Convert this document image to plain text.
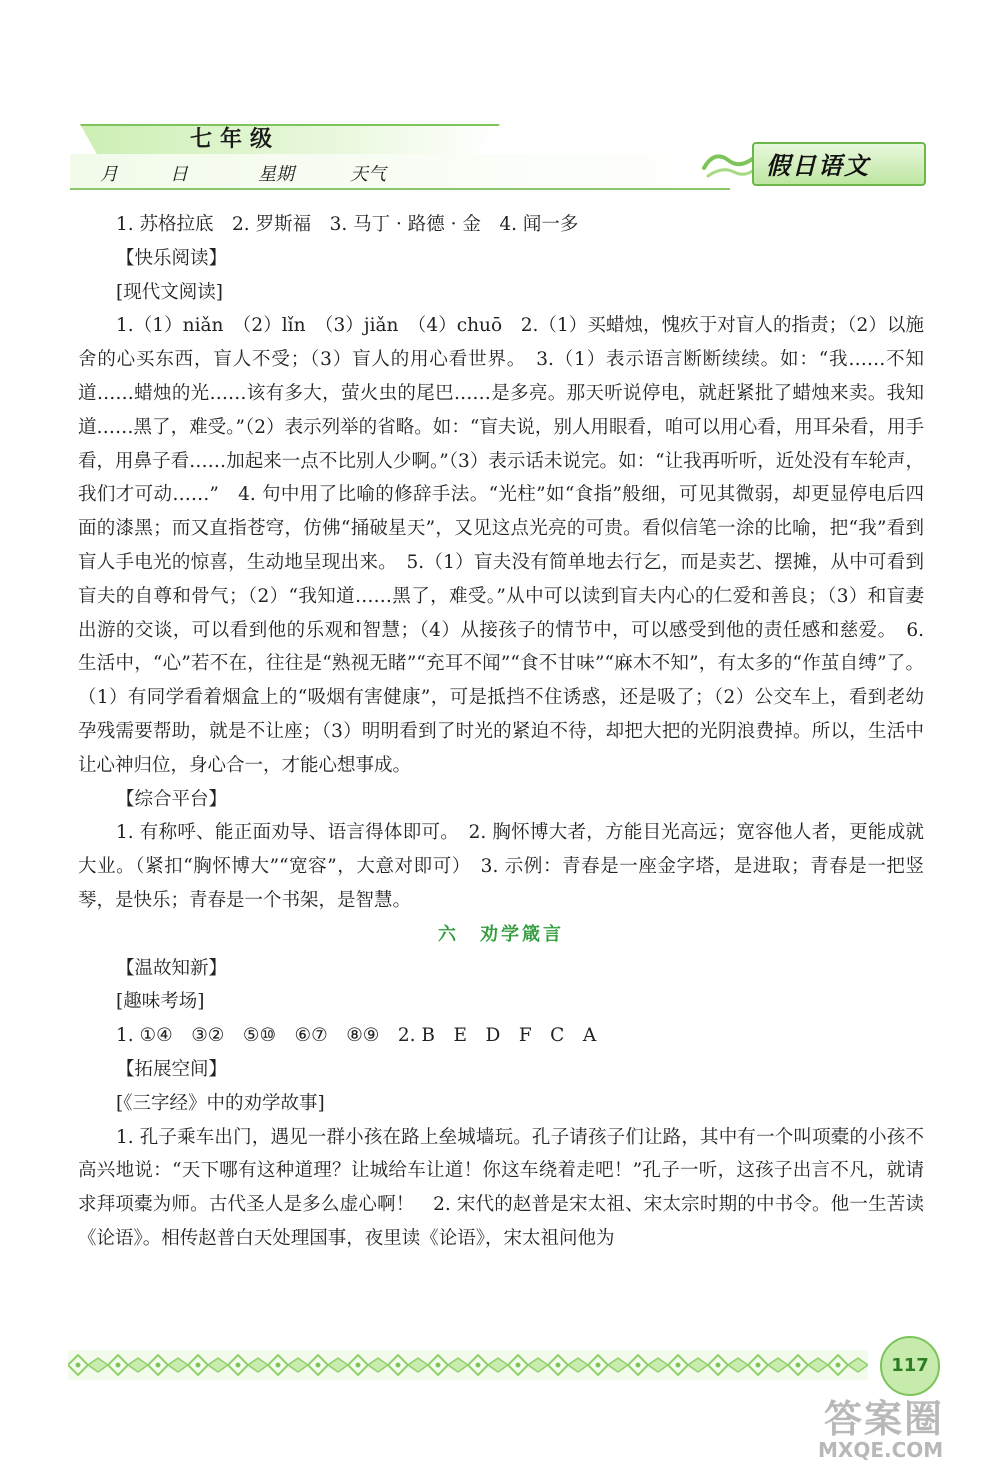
七年级
月	日	星期	天气	假日语文

1. 苏格拉底　2. 罗斯福　3. 马丁 · 路德 · 金　4. 闻一多

【快乐阅读】

[现代文阅读]

1.（1）niǎn　（2）lǐn　（3）jiǎn　（4）chuō　2.（1）买蜡烛，愧疚于对盲人的指责；（2）以施舍的心买东西，盲人不受；（3）盲人的用心看世界。　3.（1）表示语言断断续续。如：“我……不知道……蜡烛的光……该有多大，萤火虫的尾巴……是多亮。那天听说停电，就赶紧批了蜡烛来卖。我知道……黑了，难受。”（2）表示列举的省略。如：“盲夫说，别人用眼看，咱可以用心看，用耳朵看，用手看，用鼻子看……加起来一点不比别人少啊。”（3）表示话未说完。如：“让我再听听，近处没有车轮声，我们才可动……”　4. 句中用了比喻的修辞手法。“光柱”如“食指”般细，可见其微弱，却更显停电后四面的漆黑；而又直指苍穹，仿佛“捅破星天”，又见这点光亮的可贵。看似信笔一涂的比喻，把“我”看到盲人手电光的惊喜，生动地呈现出来。　5.（1）盲夫没有简单地去行乞，而是卖艺、摆摊，从中可看到盲夫的自尊和骨气；（2）“我知道……黑了，难受。”从中可以读到盲夫内心的仁爱和善良；（3）和盲妻出游的交谈，可以看到他的乐观和智慧；（4）从接孩子的情节中，可以感受到他的责任感和慈爱。　6. 生活中，“心”若不在，往往是“熟视无睹”“充耳不闻”“食不甘味”“麻木不知”，有太多的“作茧自缚”了。（1）有同学看着烟盒上的“吸烟有害健康”，可是抵挡不住诱惑，还是吸了；（2）公交车上，看到老幼孕残需要帮助，就是不让座；（3）明明看到了时光的紧迫不待，却把大把的光阴浪费掉。所以，生活中让心神归位，身心合一，才能心想事成。

【综合平台】

1. 有称呼、能正面劝导、语言得体即可。　2. 胸怀博大者，方能目光高远；宽容他人者，更能成就大业。（紧扣“胸怀博大”“宽容”，大意对即可）　3. 示例：青春是一座金字塔，是进取；青春是一把竖琴，是快乐；青春是一个书架，是智慧。

六　劝学箴言

【温故知新】

[趣味考场]

1. ①④　③②　⑤⑩　⑥⑦　⑧⑨　2. B　E　D　F　C　A

【拓展空间】

[《三字经》中的劝学故事]

1. 孔子乘车出门，遇见一群小孩在路上垒城墙玩。孔子请孩子们让路，其中有一个叫项橐的小孩不高兴地说：“天下哪有这种道理？让城给车让道！你这车绕着走吧！”孔子一听，这孩子出言不凡，就请求拜项橐为师。古代圣人是多么虚心啊！　2. 宋代的赵普是宋太祖、宋太宗时期的中书令。他一生苦读《论语》。相传赵普白天处理国事，夜里读《论语》，宋太祖问他为

117
答案圈
MXQE.COM
